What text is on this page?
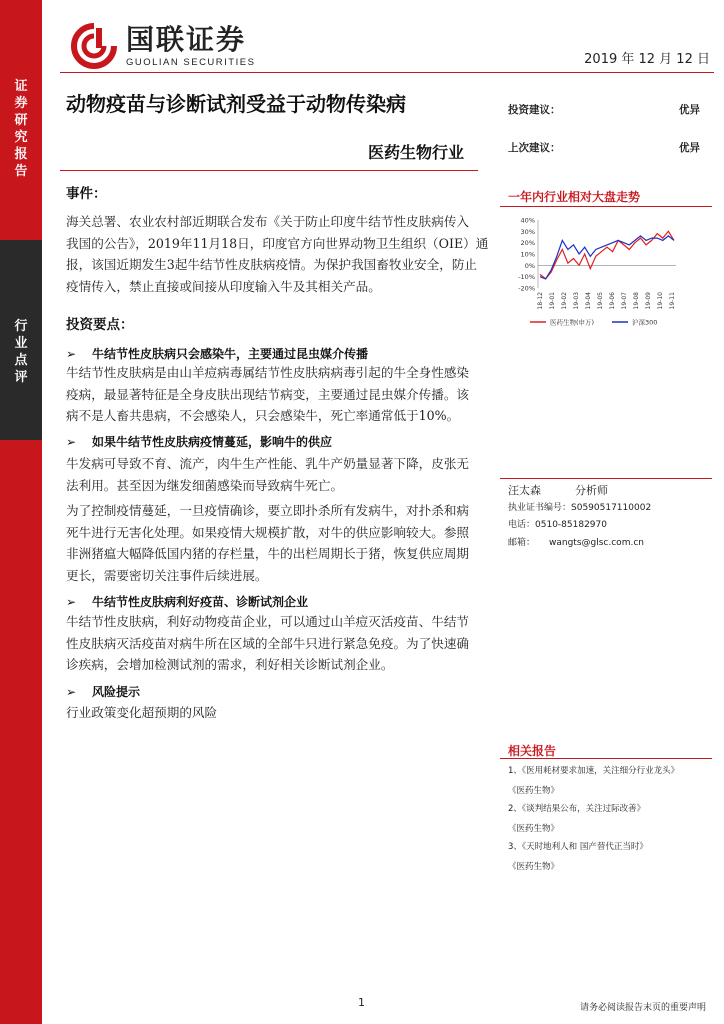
证
券
研
究
报
告
行
业
点
评
国联证券
GUOLIAN SECURITIES	2019 年 12 月 12 日
动物疫苗与诊断试剂受益于动物传染病
医药生物行业
投资建议：	优异
上次建议：	优异
事件：
海关总署、农业农村部近期联合发布《关于防止印度牛结节性皮肤病传入
我国的公告》，2019年11月18日，印度官方向世界动物卫生组织（OIE）通
报，该国近期发生3起牛结节性皮肤病疫情。为保护我国畜牧业安全，防止
疫情传入，禁止直接或间接从印度输入牛及其相关产品。
投资要点：
➢ 牛结节性皮肤病只会感染牛，主要通过昆虫媒介传播
牛结节性皮肤病是由山羊痘病毒属结节性皮肤病病毒引起的牛全身性感染
疫病，最显著特征是全身皮肤出现结节病变，主要通过昆虫媒介传播。该
病不是人畜共患病，不会感染人，只会感染牛，死亡率通常低于10%。
➢ 如果牛结节性皮肤病疫情蔓延，影响牛的供应
牛发病可导致不育、流产，肉牛生产性能、乳牛产奶量显著下降，皮张无
法利用。甚至因为继发细菌感染而导致病牛死亡。
为了控制疫情蔓延，一旦疫情确诊，要立即扑杀所有发病牛，对扑杀和病
死牛进行无害化处理。如果疫情大规模扩散，对牛的供应影响较大。参照
非洲猪瘟大幅降低国内猪的存栏量，牛的出栏周期长于猪，恢复供应周期
更长，需要密切关注事件后续进展。
➢ 牛结节性皮肤病利好疫苗、诊断试剂企业
牛结节性皮肤病，利好动物疫苗企业，可以通过山羊痘灭活疫苗、牛结节
性皮肤病灭活疫苗对病牛所在区域的全部牛只进行紧急免疫。为了快速确
诊疾病，会增加检测试剂的需求，利好相关诊断试剂企业。
➢ 风险提示
行业政策变化超预期的风险
一年内行业相对大盘走势
40%
30%
20%
10%
0%
-10%
-20%
18-12 19-01 19-02 19-03 19-04 19-05 19-06 19-07 19-08 19-09 19-10 19-11
医药生物(申万)	沪深300
汪太森	分析师
执业证书编号：S0590517110002
电话：0510-85182970
邮箱： wangts@glsc.com.cn
相关报告
1、《医用耗材要求加速，关注细分行业龙头》
《医药生物》
2、《谈判结果公布，关注过际改善》
《医药生物》
3、《天时地利人和 国产替代正当时》
《医药生物》
1	请务必阅读报告末页的重要声明
